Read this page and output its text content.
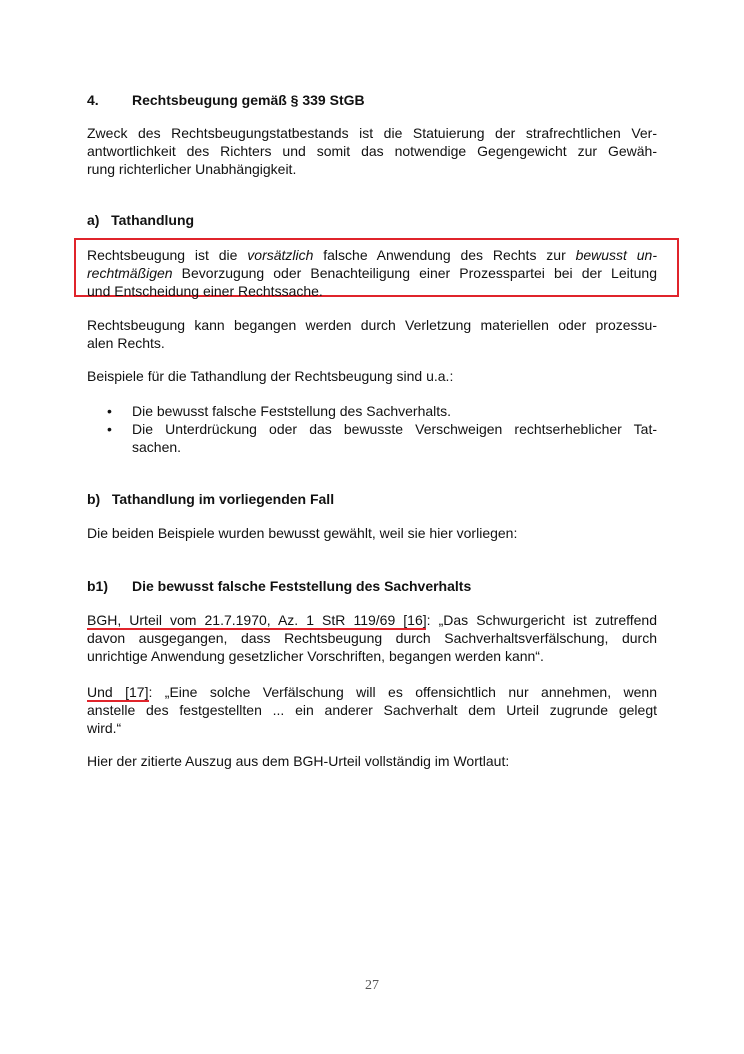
4. Rechtsbeugung gemäß § 339 StGB
Zweck des Rechtsbeugungstatbestands ist die Statuierung der strafrechtlichen Ver-
antwortlichkeit des Richters und somit das notwendige Gegengewicht zur Gewäh-
rung richterlicher Unabhängigkeit.
a)   Tathandlung
Rechtsbeugung ist die vorsätzlich falsche Anwendung des Rechts zur bewusst un-
rechtmäßigen Bevorzugung oder Benachteiligung einer Prozesspartei bei der Leitung
und Entscheidung einer Rechtssache.
Rechtsbeugung kann begangen werden durch Verletzung materiellen oder prozessu-
alen Rechts.
Beispiele für die Tathandlung der Rechtsbeugung sind u.a.:
• Die bewusst falsche Feststellung des Sachverhalts.
• Die Unterdrückung oder das bewusste Verschweigen rechtserheblicher Tat-
sachen.
b)   Tathandlung im vorliegenden Fall
Die beiden Beispiele wurden bewusst gewählt, weil sie hier vorliegen:
b1) Die bewusst falsche Feststellung des Sachverhalts
BGH, Urteil vom 21.7.1970, Az. 1 StR 119/69 [16]: „Das Schwurgericht ist zutreffend
davon ausgegangen, dass Rechtsbeugung durch Sachverhaltsverfälschung, durch
unrichtige Anwendung gesetzlicher Vorschriften, begangen werden kann“.
Und [17]: „Eine solche Verfälschung will es offensichtlich nur annehmen, wenn
anstelle des festgestellten ... ein anderer Sachverhalt dem Urteil zugrunde gelegt
wird.“
Hier der zitierte Auszug aus dem BGH-Urteil vollständig im Wortlaut:
27
